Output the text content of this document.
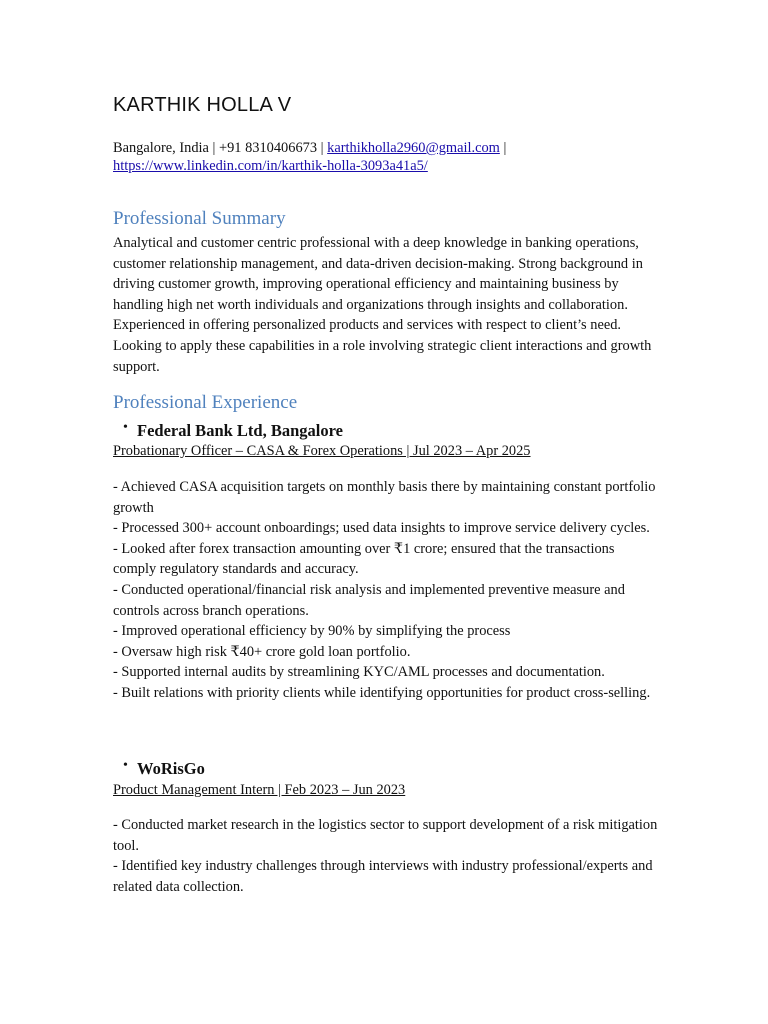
KARTHIK HOLLA V
Bangalore, India | +91 8310406673 | karthikholla2960@gmail.com |
https://www.linkedin.com/in/karthik-holla-3093a41a5/
Professional Summary
Analytical and customer centric professional with a deep knowledge in banking operations, customer relationship management, and data-driven decision-making. Strong background in driving customer growth, improving operational efficiency and maintaining business by handling high net worth individuals and organizations through insights and collaboration. Experienced in offering personalized products and services with respect to client’s need. Looking to apply these capabilities in a role involving strategic client interactions and growth support.
Professional Experience
• Federal Bank Ltd, Bangalore
Probationary Officer – CASA & Forex Operations | Jul 2023 – Apr 2025
- Achieved CASA acquisition targets on monthly basis there by maintaining constant portfolio growth
- Processed 300+ account onboardings; used data insights to improve service delivery cycles.
- Looked after forex transaction amounting over ₹1 crore; ensured that the transactions comply regulatory standards and accuracy.
- Conducted operational/financial risk analysis and implemented preventive measure and controls across branch operations.
- Improved operational efficiency by 90% by simplifying the process
- Oversaw high risk ₹40+ crore gold loan portfolio.
- Supported internal audits by streamlining KYC/AML processes and documentation.
- Built relations with priority clients while identifying opportunities for product cross-selling.
• WoRisGo
Product Management Intern | Feb 2023 – Jun 2023
- Conducted market research in the logistics sector to support development of a risk mitigation tool.
- Identified key industry challenges through interviews with industry professional/experts and related data collection.
